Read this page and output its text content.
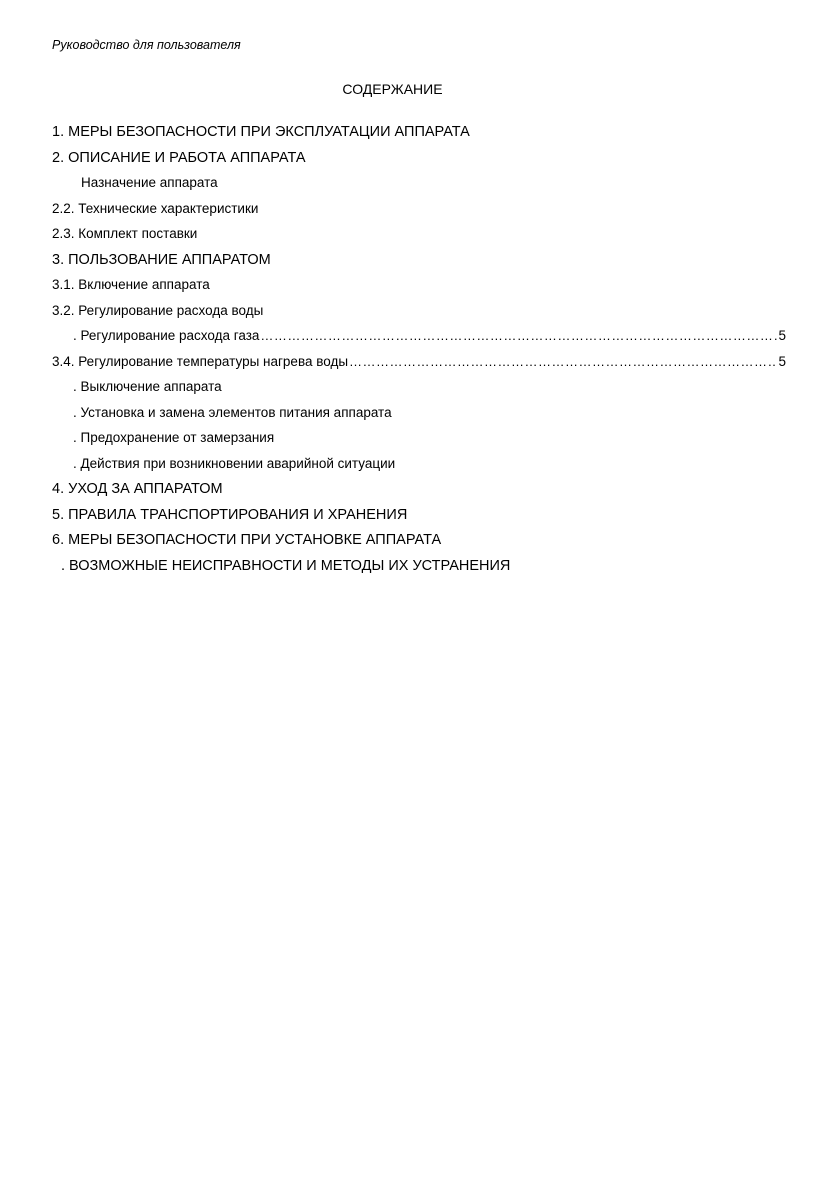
Руководство для пользователя
СОДЕРЖАНИЕ
1. МЕРЫ БЕЗОПАСНОСТИ ПРИ ЭКСПЛУАТАЦИИ АППАРАТА
2. ОПИСАНИЕ И РАБОТА АППАРАТА
Назначение аппарата
2.2. Технические характеристики
2.3. Комплект поставки
3. ПОЛЬЗОВАНИЕ АППАРАТОМ
3.1. Включение аппарата
3.2. Регулирование расхода воды
. Регулирование расхода газа ……………………………………………………………………………………………………………………………………………………………………………………………………	5
3.4. Регулирование температуры нагрева воды ……………………………………………………………………………………………………………………………………………………………………………………………………	5
. Выключение аппарата
. Установка и замена элементов питания аппарата
. Предохранение от замерзания
. Действия при возникновении аварийной ситуации
4. УХОД ЗА АППАРАТОМ
5. ПРАВИЛА ТРАНСПОРТИРОВАНИЯ И ХРАНЕНИЯ
6. МЕРЫ БЕЗОПАСНОСТИ ПРИ УСТАНОВКЕ АППАРАТА
. ВОЗМОЖНЫЕ НЕИСПРАВНОСТИ И МЕТОДЫ ИХ УСТРАНЕНИЯ
